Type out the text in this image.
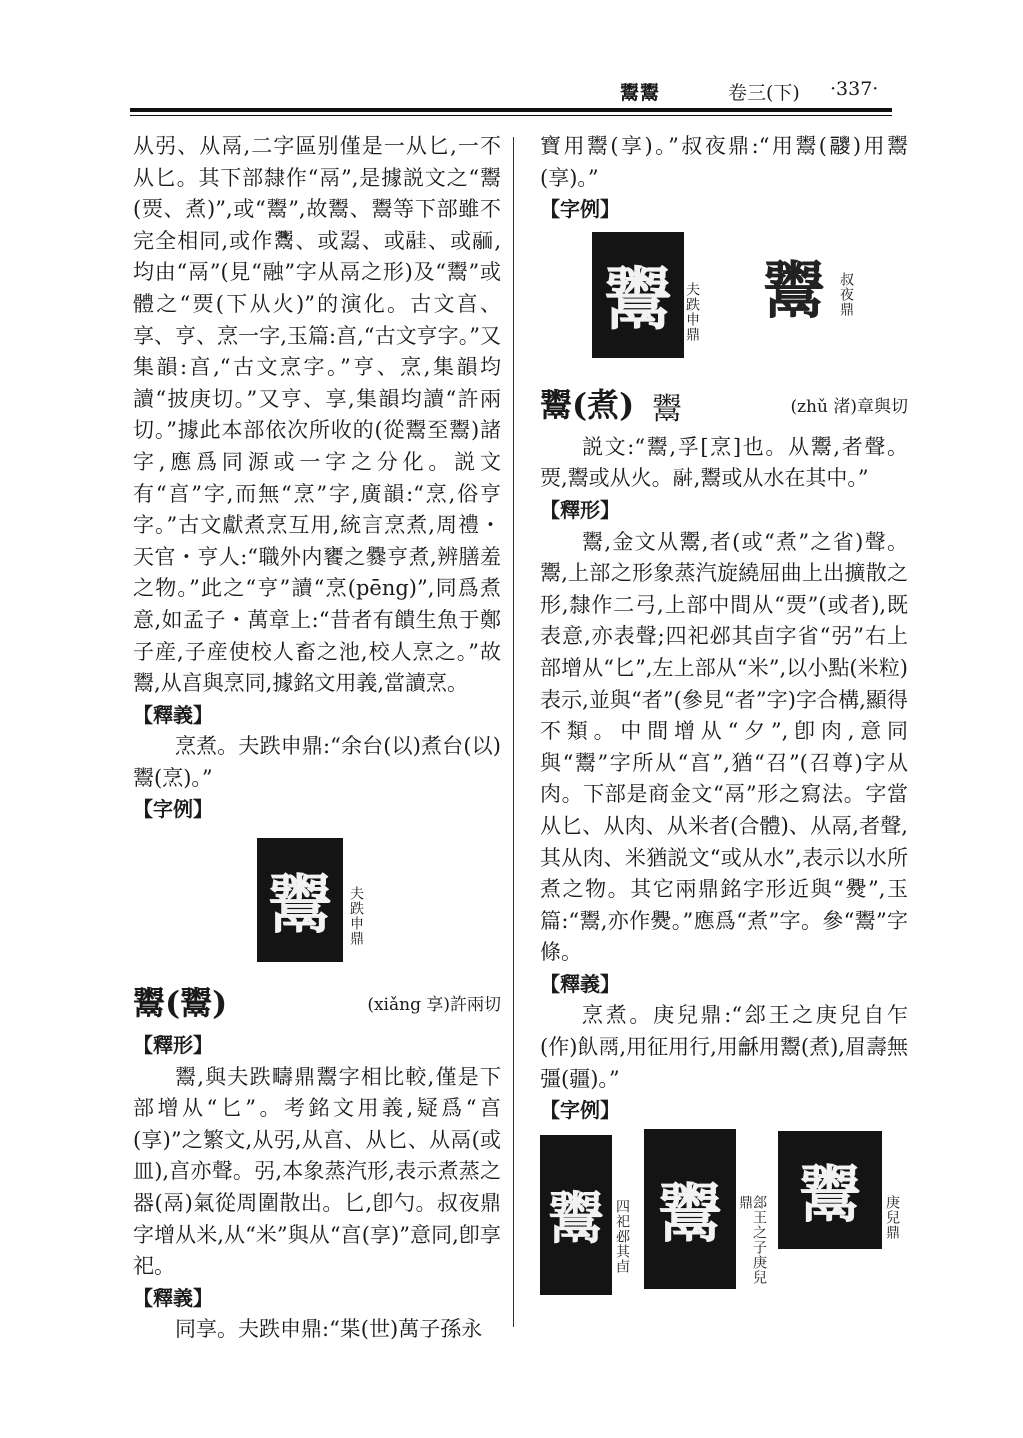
鬻鬻	卷三(下) ·337·

从弜、从鬲,二字區别僅是一从匕,一不从匕。其下部隸作“鬲”,是據説文之“鬻(㶾、煮)”,或“鬻”,故鬻、鬻等下部雖不完全相同,或作𩱷、或𩰲、或𩰳、或𩰴,均由“鬲”(見“融”字从鬲之形)及“鬻”或體之“㶾(下从火)”的演化。古文亯、享、亨、烹一字,玉篇:亯,“古文亨字。”又集韻:亯,“古文烹字。”亨、烹,集韻均讀“披庚切。”又亨、享,集韻均讀“許兩切。”據此本部依次所收的(從鬻至鬻)諸字,應爲同源或一字之分化。説文有“亯”字,而無“烹”字,廣韻:“烹,俗亨字。”古文獻煮烹互用,統言烹煮,周禮・天官・亨人:“職外内饔之爨亨煮,辨膳羞之物。”此之“亨”讀“烹(pēng)”,同爲煮意,如孟子・萬章上:“昔者有饋生魚于鄭子産,子産使校人畜之池,校人烹之。”故鬻,从亯與烹同,據銘文用義,當讀烹。

【釋義】

烹煮。夫跌申鼎:“余台(以)煮台(以)鬻(烹)。”

【字例】
鬻	夫跌申鼎
鬻(鬻)	(xiǎng 享)許兩切
【釋形】

鬻,與夫跌疇鼎鬻字相比較,僅是下部增从“匕”。考銘文用義,疑爲“亯(享)”之繁文,从弜,从亯、从匕、从鬲(或皿),亯亦聲。弜,本象蒸汽形,表示煮蒸之器(鬲)氣從周圍散出。匕,卽勺。叔夜鼎字增从米,从“米”與从“亯(享)”意同,卽享祀。

【釋義】

同享。夫跌申鼎:“枼(世)萬子孫永

寶用鬻(享)。”叔夜鼎:“用鬻(𩱛)用鬻(享)。”

【字例】
鬻 夫跌申鼎 鬻 叔夜鼎
鬻(煮) 鬻	(zhǔ 渚)章與切

説文:“鬻,孚[烹]也。从䰞,者聲。㶾,鬻或从火。𩰫,鬻或从水在其中。”

【釋形】

鬻,金文从䰞,者(或“煮”之省)聲。䰞,上部之形象蒸汽旋繞屈曲上出擴散之形,隸作二弓,上部中間从“㶾”(或者),既表意,亦表聲;四祀邲其卣字省“弜”右上部增从“匕”,左上部从“米”,以小點(米粒)表示,並與“者”(參見“者”字)字合構,顯得不類。中間增从“夕”,卽肉,意同與“鬻”字所从“亯”,猶“召”(召尊)字从肉。下部是商金文“鬲”形之寫法。字當从匕、从肉、从米者(合體)、从鬲,者聲,其从肉、米猶説文“或从水”,表示以水所煮之物。其它兩鼎銘字形近與“㸑”,玉篇:“鬻,亦作㸑。”應爲“煮”字。參“鬻”字條。

【釋義】

烹煮。庚兒鼎:“郐王之庚兒自乍(作)飤𩰬,用征用行,用龢用鬻(煮),眉壽無彊(疆)。”

【字例】
鬻 四祀邲其卣 鬻	郐王之子庚兒鼎 鬻	庚兒鼎
